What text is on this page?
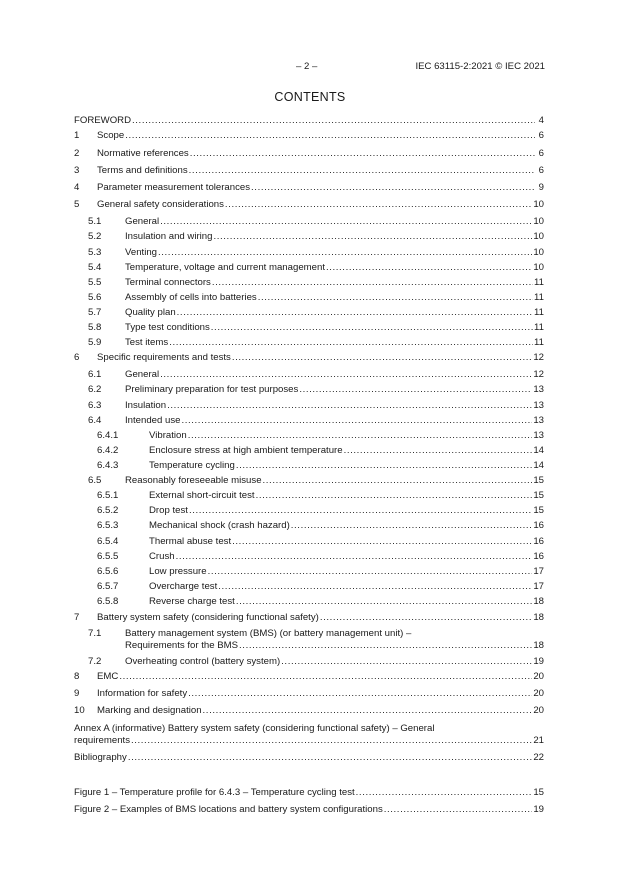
– 2 –	IEC 63115-2:2021 © IEC 2021
CONTENTS
FOREWORD .....	4
1 Scope .....	6
2 Normative references .....	6
3 Terms and definitions .....	6
4 Parameter measurement tolerances .....	9
5 General safety considerations .....	10
5.1 General .....	10
5.2 Insulation and wiring .....	10
5.3 Venting .....	10
5.4 Temperature, voltage and current management .....	10
5.5 Terminal connectors .....	11
5.6 Assembly of cells into batteries .....	11
5.7 Quality plan .....	11
5.8 Type test conditions .....	11
5.9 Test items .....	11
6 Specific requirements and tests .....	12
6.1 General .....	12
6.2 Preliminary preparation for test purposes .....	13
6.3 Insulation .....	13
6.4 Intended use .....	13
6.4.1	Vibration .....	13
6.4.2	Enclosure stress at high ambient temperature .....	14
6.4.3	Temperature cycling .....	14
6.5 Reasonably foreseeable misuse .....	15
6.5.1	External short-circuit test .....	15
6.5.2	Drop test .....	15
6.5.3	Mechanical shock (crash hazard) .....	16
6.5.4	Thermal abuse test .....	16
6.5.5	Crush .....	16
6.5.6	Low pressure .....	17
6.5.7	Overcharge test .....	17
6.5.8	Reverse charge test .....	18
7 Battery system safety (considering functional safety) .....	18
7.1 Battery management system (BMS) (or battery management unit) –
Requirements for the BMS .....	18
7.2 Overheating control (battery system) .....	19
8 EMC .....	20
9 Information for safety .....	20
10 Marking and designation .....	20
Annex A (informative) Battery system safety (considering functional safety) – General
requirements .....	21
Bibliography .....	22
Figure 1 – Temperature profile for 6.4.3 – Temperature cycling test .....	15
Figure 2 – Examples of BMS locations and battery system configurations .....	19
